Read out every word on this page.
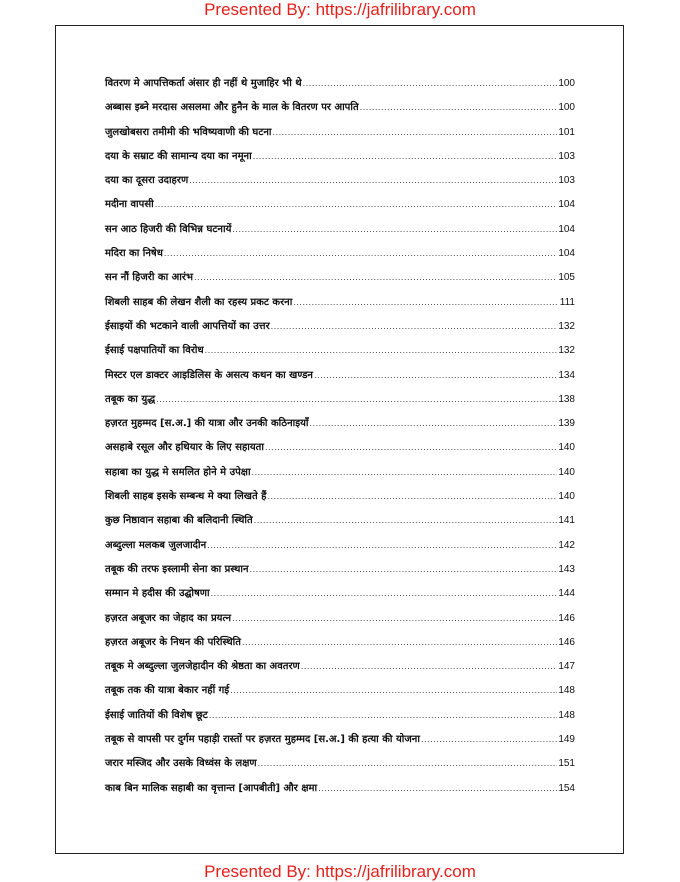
Presented By: https://jafrilibrary.com
वितरण मे आपत्तिकर्ता अंसार ही नहीं थे मुजाहिर भी थे .....	100
अब्बास इब्ने मरदास असलमा और हुनैन के माल के वितरण पर आपति .....	100
जुलखोबसरा तमीमी की भविष्यवाणी की घटना .....	101
दया के सम्राट की सामान्य दया का नमूना .....	103
दया का दूसरा उदाहरण .....	103
मदीना वापसी .....	104
सन आठ हिजरी की विभिन्न घटनायें .....	104
मदिरा का निषेध .....	104
सन नौं हिजरी का आरंभ .....	105
शिबली साहब की लेखन शैली का रहस्य प्रकट करना .....	111
ईसाइयों की भटकाने वाली आपत्तियों का उत्तर .....	132
ईसाई पक्षपातियों का विरोध .....	132
मिस्टर एल डाक्टर आइडिलिस के असत्य कथन का खण्डन .....	134
तबूक का युद्ध .....	138
हज़रत मुहम्मद [स.अ.] की यात्रा और उनकी कठिनाइयाँ .....	139
असहाबे रसूल और हथियार के लिए सहायता .....	140
सहाबा का युद्ध मे समलित होने मे उपेक्षा .....	140
शिबली साहब इसके सम्बन्ध मे क्या लिखते हैं .....	140
कुछ निष्ठावान सहाबा की बलिदानी स्थिति .....	141
अब्दुल्ला मलकब जुलजादीन .....	142
तबूक की तरफ इस्लामी सेना का प्रस्थान .....	143
सम्मान मे हदीस की उद्घोषणा .....	144
हज़रत अबूजर का जेहाद का प्रयत्न .....	146
हज़रत अबूजर के निधन की परिस्थिति .....	146
तबूक मे अब्दुल्ला जुलजेहादीन की श्रेष्ठता का अवतरण .....	147
तबूक तक की यात्रा बेकार नहीं गई .....	148
ईसाई जातियों की विशेष छूट .....	148
तबूक से वापसी पर दुर्गम पहाड़ी रास्तों पर हज़रत मुहम्मद [स.अ.] की हत्या की योजना .....	149
जरार मस्जिद और उसके विध्वंस के लक्षण .....	151
काब बिन मालिक सहाबी का वृत्तान्त [आपबीती] और क्षमा .....	154
Presented By: https://jafrilibrary.com
